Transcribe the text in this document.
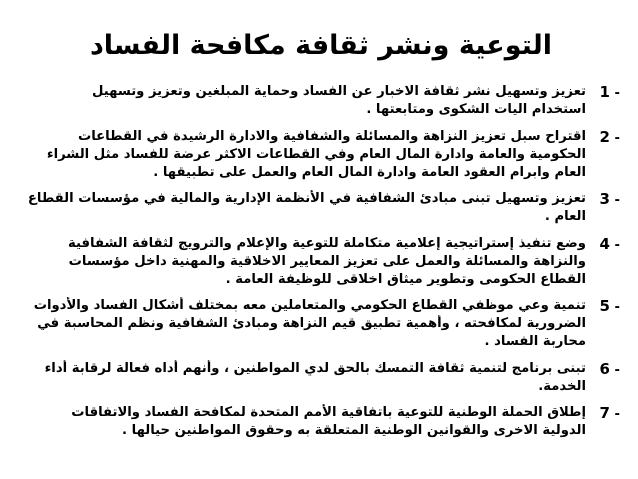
التوعية ونشر ثقافة مكافحة الفساد
1 -
تعزيز وتسهيل نشر ثقافة الاخبار عن الفساد وحماية المبلغين وتعزيز وتسهيل
استخدام اليات الشكوى ومتابعتها .
2 -
اقتراح سبل تعزيز النزاهة والمسائلة والشفافية والادارة الرشيدة في القطاعات
الحكومية والعامة وادارة المال العام وفي القطاعات الاكثر عرضة للفساد مثل الشراء
العام وابرام العقود العامة وادارة المال العام والعمل على تطبيقها .
3 -
تعزيز وتسهيل تبنى مبادئ الشفافية في الأنظمة الإدارية والمالية في مؤسسات القطاع
العام .
4 -
وضع تنفيذ إستراتيجية إعلامية متكاملة للتوعية والإعلام والترويج لثقافة الشفافية
والنزاهة والمسائلة والعمل على تعزيز المعايير الاخلاقية والمهنية داخل مؤسسات
القطاع الحكومى وتطوير ميثاق اخلاقى للوظيفة العامة .
5 -
تنمية وعي موظفي القطاع الحكومي والمتعاملين معه بمختلف أشكال الفساد والأدوات
الضرورية لمكافحته ، وأهمية تطبيق قيم النزاهة ومبادئ الشفافية ونظم المحاسبة في
محاربة الفساد .
6 -
تبنى برنامج لتنمية ثقافة التمسك بالحق لدي المواطنين ، وأنهم أداه فعالة لرقابة أداء
الخدمة.
7 -
إطلاق الحملة الوطنية للتوعية باتفاقية الأمم المتحدة لمكافحة الفساد والاتفاقات
الدولية الاخرى والقوانين الوطنية المتعلقة به وحقوق المواطنين حيالها .
